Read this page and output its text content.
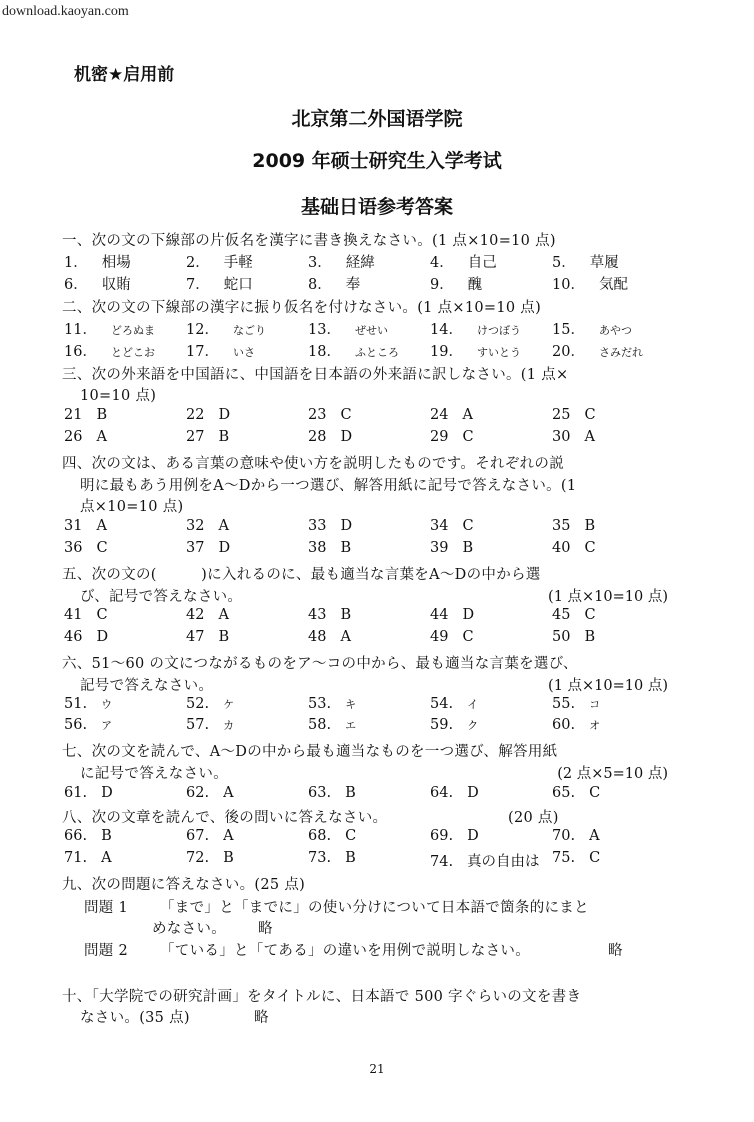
download.kaoyan.com
机密★启用前
北京第二外国语学院
2009 年硕士研究生入学考试
基础日语参考答案
一、次の文の下線部の片仮名を漢字に書き換えなさい。(1 点×10=10 点)
1． 相場	2． 手軽	3． 経緯	4． 自己	5． 草履
6． 収賄	7． 蛇口	8． 奉	9． 醜	10． 気配
二、次の文の下線部の漢字に振り仮名を付けなさい。(1 点×10=10 点)
11． どろぬま 12． なごり	13． ぜせい	14． けつぼう 15． あやつ
16． とどこお 17． いさ	18． ふところ 19． すいとう 20． さみだれ
三、次の外来語を中国語に、中国語を日本語の外来語に訳しなさい。(1 点×
10=10 点)
21 B	22 D	23 C	24 A	25 C
26 A	27 B	28 D	29 C	30 A
四、次の文は、ある言葉の意味や使い方を説明したものです。それぞれの説
明に最もあう用例をA～Dから一つ選び、解答用紙に記号で答えなさい。(1
点×10=10 点)
31 A	32 A	33 D	34 C	35 B
36 C	37 D	38 B	39 B	40 C
五、次の文の(　　　)に入れるのに、最も適当な言葉をA～Dの中から選
び、記号で答えなさい。	(1 点×10=10 点)
41 C	42 A	43 B	44 D	45 C
46 D	47 B	48 A	49 C	50 B
六、51～60 の文につながるものをア～コの中から、最も適当な言葉を選び、
記号で答えなさい。	(1 点×10=10 点)
51. ウ	52. ケ	53. キ	54. イ	55. コ
56. ア	57. カ	58. エ	59. ク	60. オ
七、次の文を読んで、A～Dの中から最も適当なものを一つ選び、解答用紙
に記号で答えなさい。	(2 点×5=10 点)
61. D	62. A	63. B	64. D	65. C
八、次の文章を読んで、後の問いに答えなさい。	(20 点)
66. B	67. A	68. C	69. D	70. A
71. A	72. B	73. B	74. 真の自由は 75. C
九、次の問題に答えなさい。(25 点)
問題 1 「まで」と「までに」の使い分けについて日本語で箇条的にまと
めなさい。 略
問題 2 「ている」と「てある」の違いを用例で説明しなさい。	略
十、「大学院での研究計画」をタイトルに、日本語で 500 字ぐらいの文を書き
なさい。(35 点)	略
21
